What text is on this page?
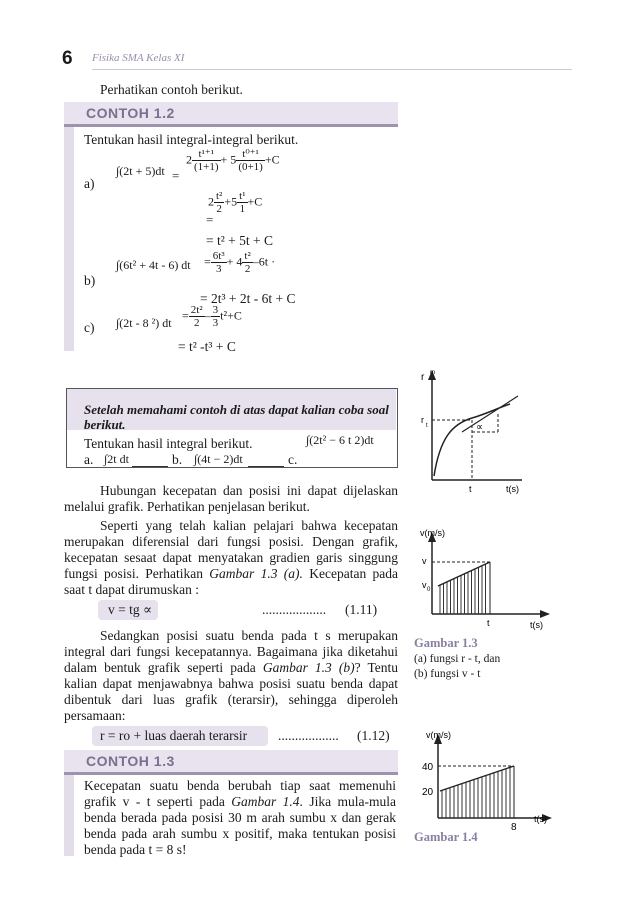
6 Fisika SMA Kelas XI
Perhatikan contoh berikut.
CONTOH 1.2
Tentukan hasil integral-integral berikut.
a)
∫(2t + 5)dt =
$2 \frac{\text{t¹⁺¹}}{(1+1)} + 5 \frac{\text{t⁰⁺¹}}{(0+1)} +C$
=
$2 \frac{\text{t²}}{2} +5 \frac{\text{t¹}}{1} +C$
= t² + 5t + C
b)
∫(6t² + 4t - 6) dt = $\frac{\text{6t³}}{3} + 4 \frac{\text{t²}}{2} -6t$ ·
= 2t³ + 2t - 6t + C
c) ∫(2t - 8 ²) dt
= $\frac{\text{2t²}}{2} - \frac{3}{3} t^2+C$
= t² -t³ + C
Setelah memahami contoh di atas dapat kalian coba soal berikut.
Tentukan hasil integral berikut.
a. ∫2t dt	b. ∫(4t − 2)dt	c.
∫(2t² − 6 t 2)dt
Hubungan kecepatan dan posisi ini dapat dijelaskan melalui grafik. Perhatikan penjelasan berikut.
Seperti yang telah kalian pelajari bahwa kecepatan merupakan diferensial dari fungsi posisi. Dengan grafik, kecepatan sesaat dapat menyatakan gradien garis singgung fungsi posisi. Perhatikan Gambar 1.3 (a). Kecepatan pada saat t dapat dirumuskan :
v = tg ∝	................... (1.11)
Sedangkan posisi suatu benda pada t s merupakan integral dari fungsi kecepatannya. Bagaimana jika diketahui dalam bentuk grafik seperti pada Gambar 1.3 (b)? Tentu kalian dapat menjawabnya bahwa posisi suatu benda dapat dibentuk dari luas grafik (terarsir), sehingga diperoleh persamaan:
r = ro + luas daerah terarsir .................. (1.12)
CONTOH 1.3
Kecepatan suatu benda berubah tiap saat memenuhi grafik v - t seperti pada Gambar 1.4. Jika mula-mula benda berada pada posisi 30 m arah sumbu x dan gerak benda pada arah sumbu x positif, maka tentukan posisi benda pada t = 8 s!
r m
r
t	∝
t	t(s)
v(m/s)
v
v 0
t	t(s)
Gambar 1.3
(a) fungsi r - t, dan
(b) fungsi v - t
v(m/s)
40
20
8
t(s)
Gambar 1.4
